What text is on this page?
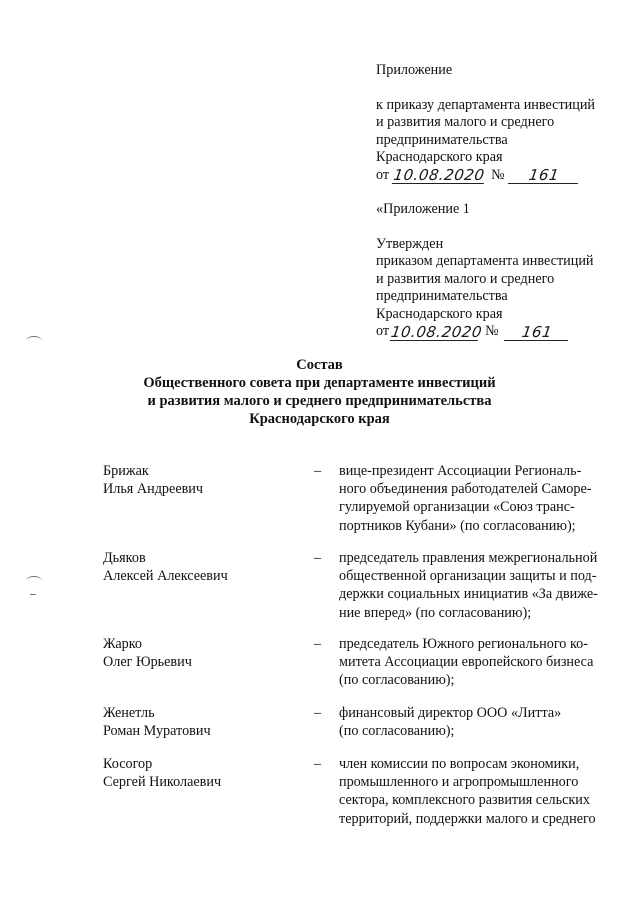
Приложение
к приказу департамента инвестиций
и развития малого и среднего
предпринимательства
Краснодарского края
от 10.08.2020 №	161
«Приложение 1
Утвержден
приказом департамента инвестиций
и развития малого и среднего
предпринимательства
Краснодарского края
от 10.08.2020 №	161
Состав
Общественного совета при департаменте инвестиций
и развития малого и среднего предпринимательства
Краснодарского края
Брижак
Илья Андреевич
– вице-президент Ассоциации Региональ-
ного объединения работодателей Саморе-
гулируемой организации «Союз транс-
портников Кубани» (по согласованию);
Дьяков
Алексей Алексеевич
– председатель правления межрегиональной
общественной организации защиты и под-
держки социальных инициатив «За движе-
ние вперед» (по согласованию);
Жарко
Олег Юрьевич
– председатель Южного регионального ко-
митета Ассоциации европейского бизнеса
(по согласованию);
Женетль
Роман Муратович
– финансовый директор ООО «Литта»
(по согласованию);
Косогор
Сергей Николаевич
– член комиссии по вопросам экономики,
промышленного и агропромышленного
сектора, комплексного развития сельских
территорий, поддержки малого и среднего
